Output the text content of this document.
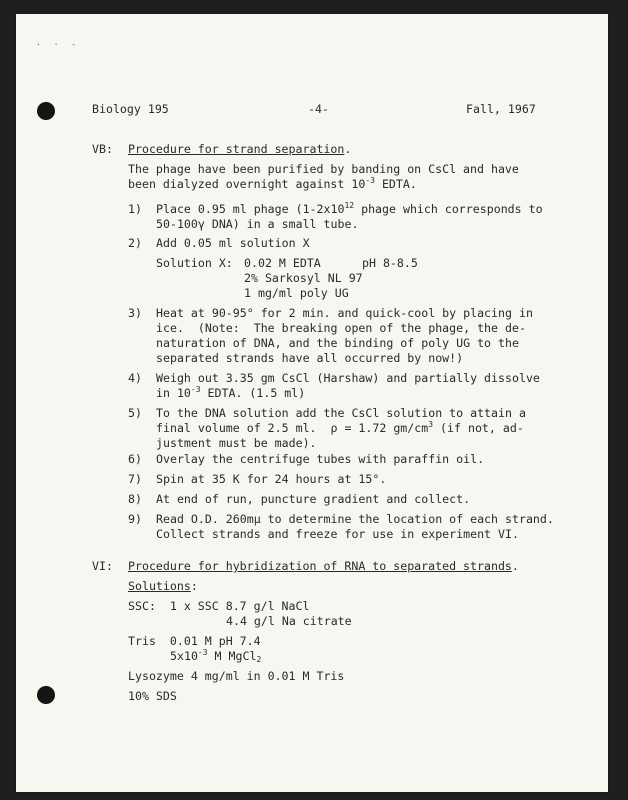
· · -
Biology 195	-4-	Fall, 1967
VB: Procedure for strand separation.
The phage have been purified by banding on CsCl and have
been dialyzed overnight against $10^{-3}$ EDTA.
1) Place 0.95 ml phage ($1-2x10^{12}$ phage which corresponds to
50-100γ DNA) in a small tube.
2) Add 0.05 ml solution X
Solution X: 0.02 M EDTA	pH 8-8.5
2% Sarkosyl NL 97
1 mg/ml poly UG
3) Heat at 90-95° for 2 min. and quick-cool by placing in
ice.  (Note:  The breaking open of the phage, the de-
naturation of DNA, and the binding of poly UG to the
separated strands have all occurred by now!)
4) Weigh out 3.35 gm CsCl (Harshaw) and partially dissolve
in $10^{-3}$ EDTA. (1.5 ml)
5) To the DNA solution add the CsCl solution to attain a
final volume of 2.5 ml.  ρ = 1.72 $gm/cm^3$ (if not, ad-
justment must be made).
6) Overlay the centrifuge tubes with paraffin oil.
7) Spin at 35 K for 24 hours at 15°.
8) At end of run, puncture gradient and collect.
9) Read O.D. 260mμ to determine the location of each strand.
Collect strands and freeze for use in experiment VI.
VI: Procedure for hybridization of RNA to separated strands.
Solutions:
SSC:  1 x SSC 8.7 g/l NaCl
4.4 g/l Na citrate
Tris  0.01 M pH 7.4
$5x10^{-3}$ M MgCl$_2$
Lysozyme 4 mg/ml in 0.01 M Tris
10% SDS
